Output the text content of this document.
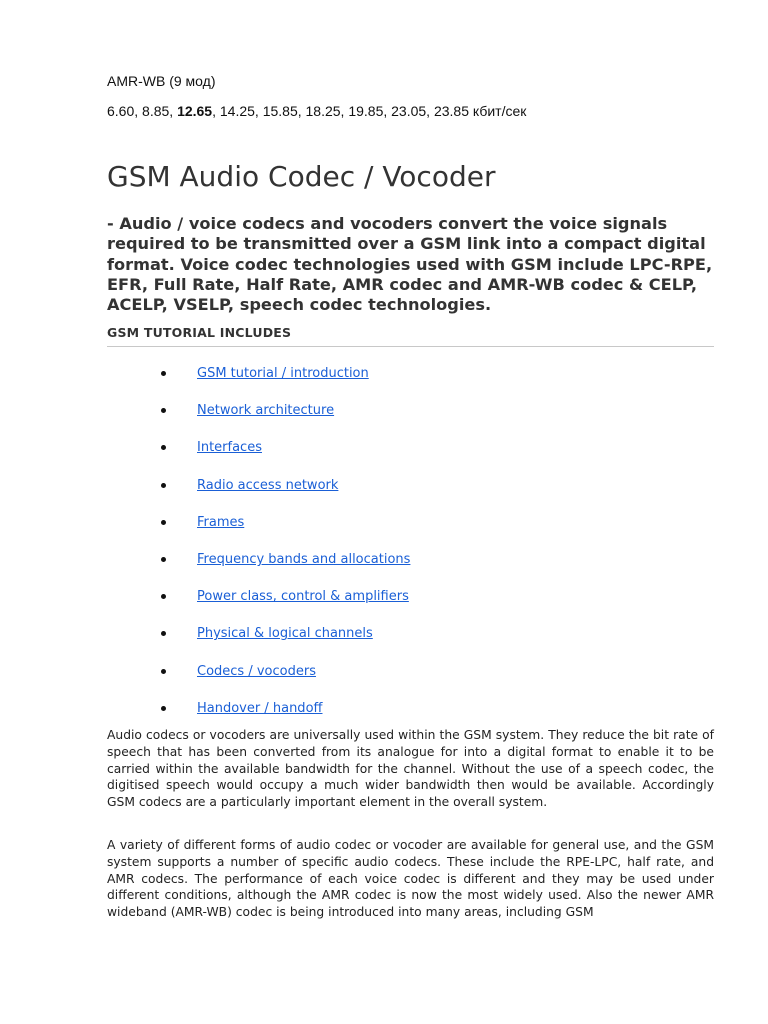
AMR-WB (9 мод)
6.60, 8.85, 12.65, 14.25, 15.85, 18.25, 19.85, 23.05, 23.85 кбит/сек
GSM Audio Codec / Vocoder

- Audio / voice codecs and vocoders convert the voice signals required to be transmitted over a GSM link into a compact digital format. Voice codec technologies used with GSM include LPC-RPE, EFR, Full Rate, Half Rate, AMR codec and AMR-WB codec & CELP, ACELP, VSELP, speech codec technologies.

GSM TUTORIAL INCLUDES
GSM tutorial / introduction
Network architecture
Interfaces
Radio access network
Frames
Frequency bands and allocations
Power class, control & amplifiers
Physical & logical channels
Codecs / vocoders
Handover / handoff

Audio codecs or vocoders are universally used within the GSM system. They reduce the bit rate of speech that has been converted from its analogue for into a digital format to enable it to be carried within the available bandwidth for the channel. Without the use of a speech codec, the digitised speech would occupy a much wider bandwidth then would be available. Accordingly GSM codecs are a particularly important element in the overall system.

A variety of different forms of audio codec or vocoder are available for general use, and the GSM system supports a number of specific audio codecs. These include the RPE-LPC, half rate, and AMR codecs. The performance of each voice codec is different and they may be used under different conditions, although the AMR codec is now the most widely used. Also the newer AMR wideband (AMR-WB) codec is being introduced into many areas, including GSM
